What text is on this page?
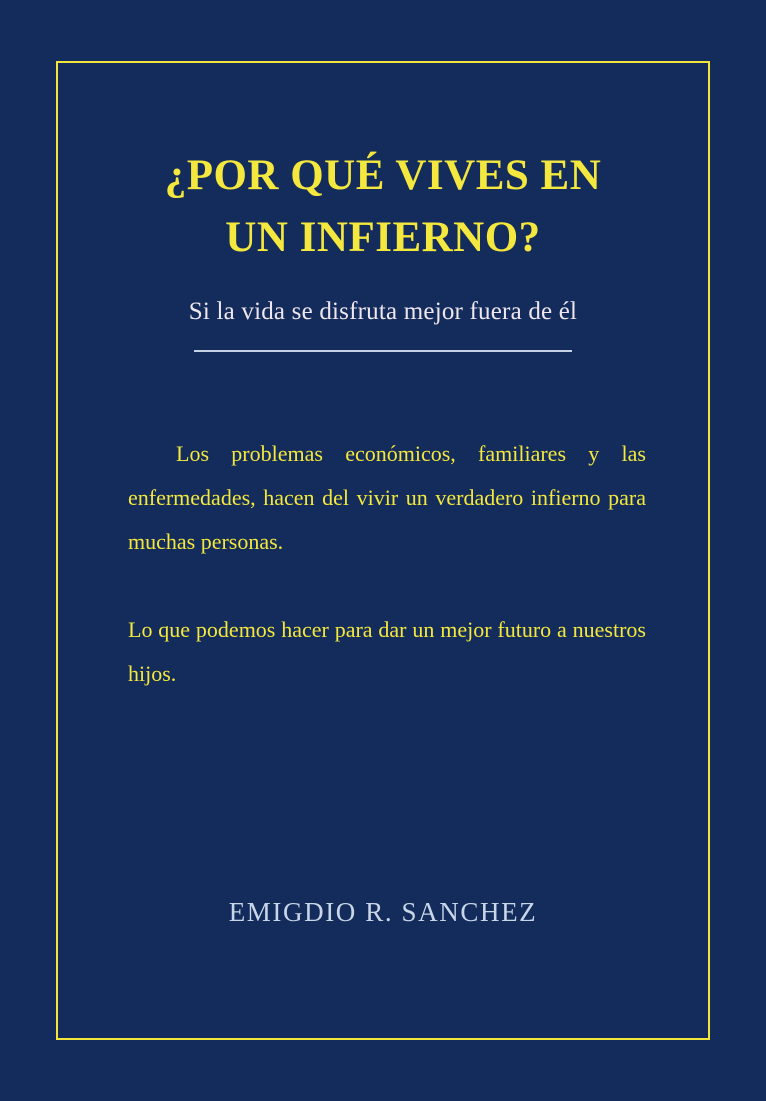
¿POR QUÉ VIVES EN
UN INFIERNO?
Si la vida se disfruta mejor fuera de él

Los problemas económicos, familiares y las enfermedades, hacen del vivir un verdadero infierno para muchas personas.

Lo que podemos hacer para dar un mejor futuro a nuestros hijos.

EMIGDIO R. SANCHEZ
